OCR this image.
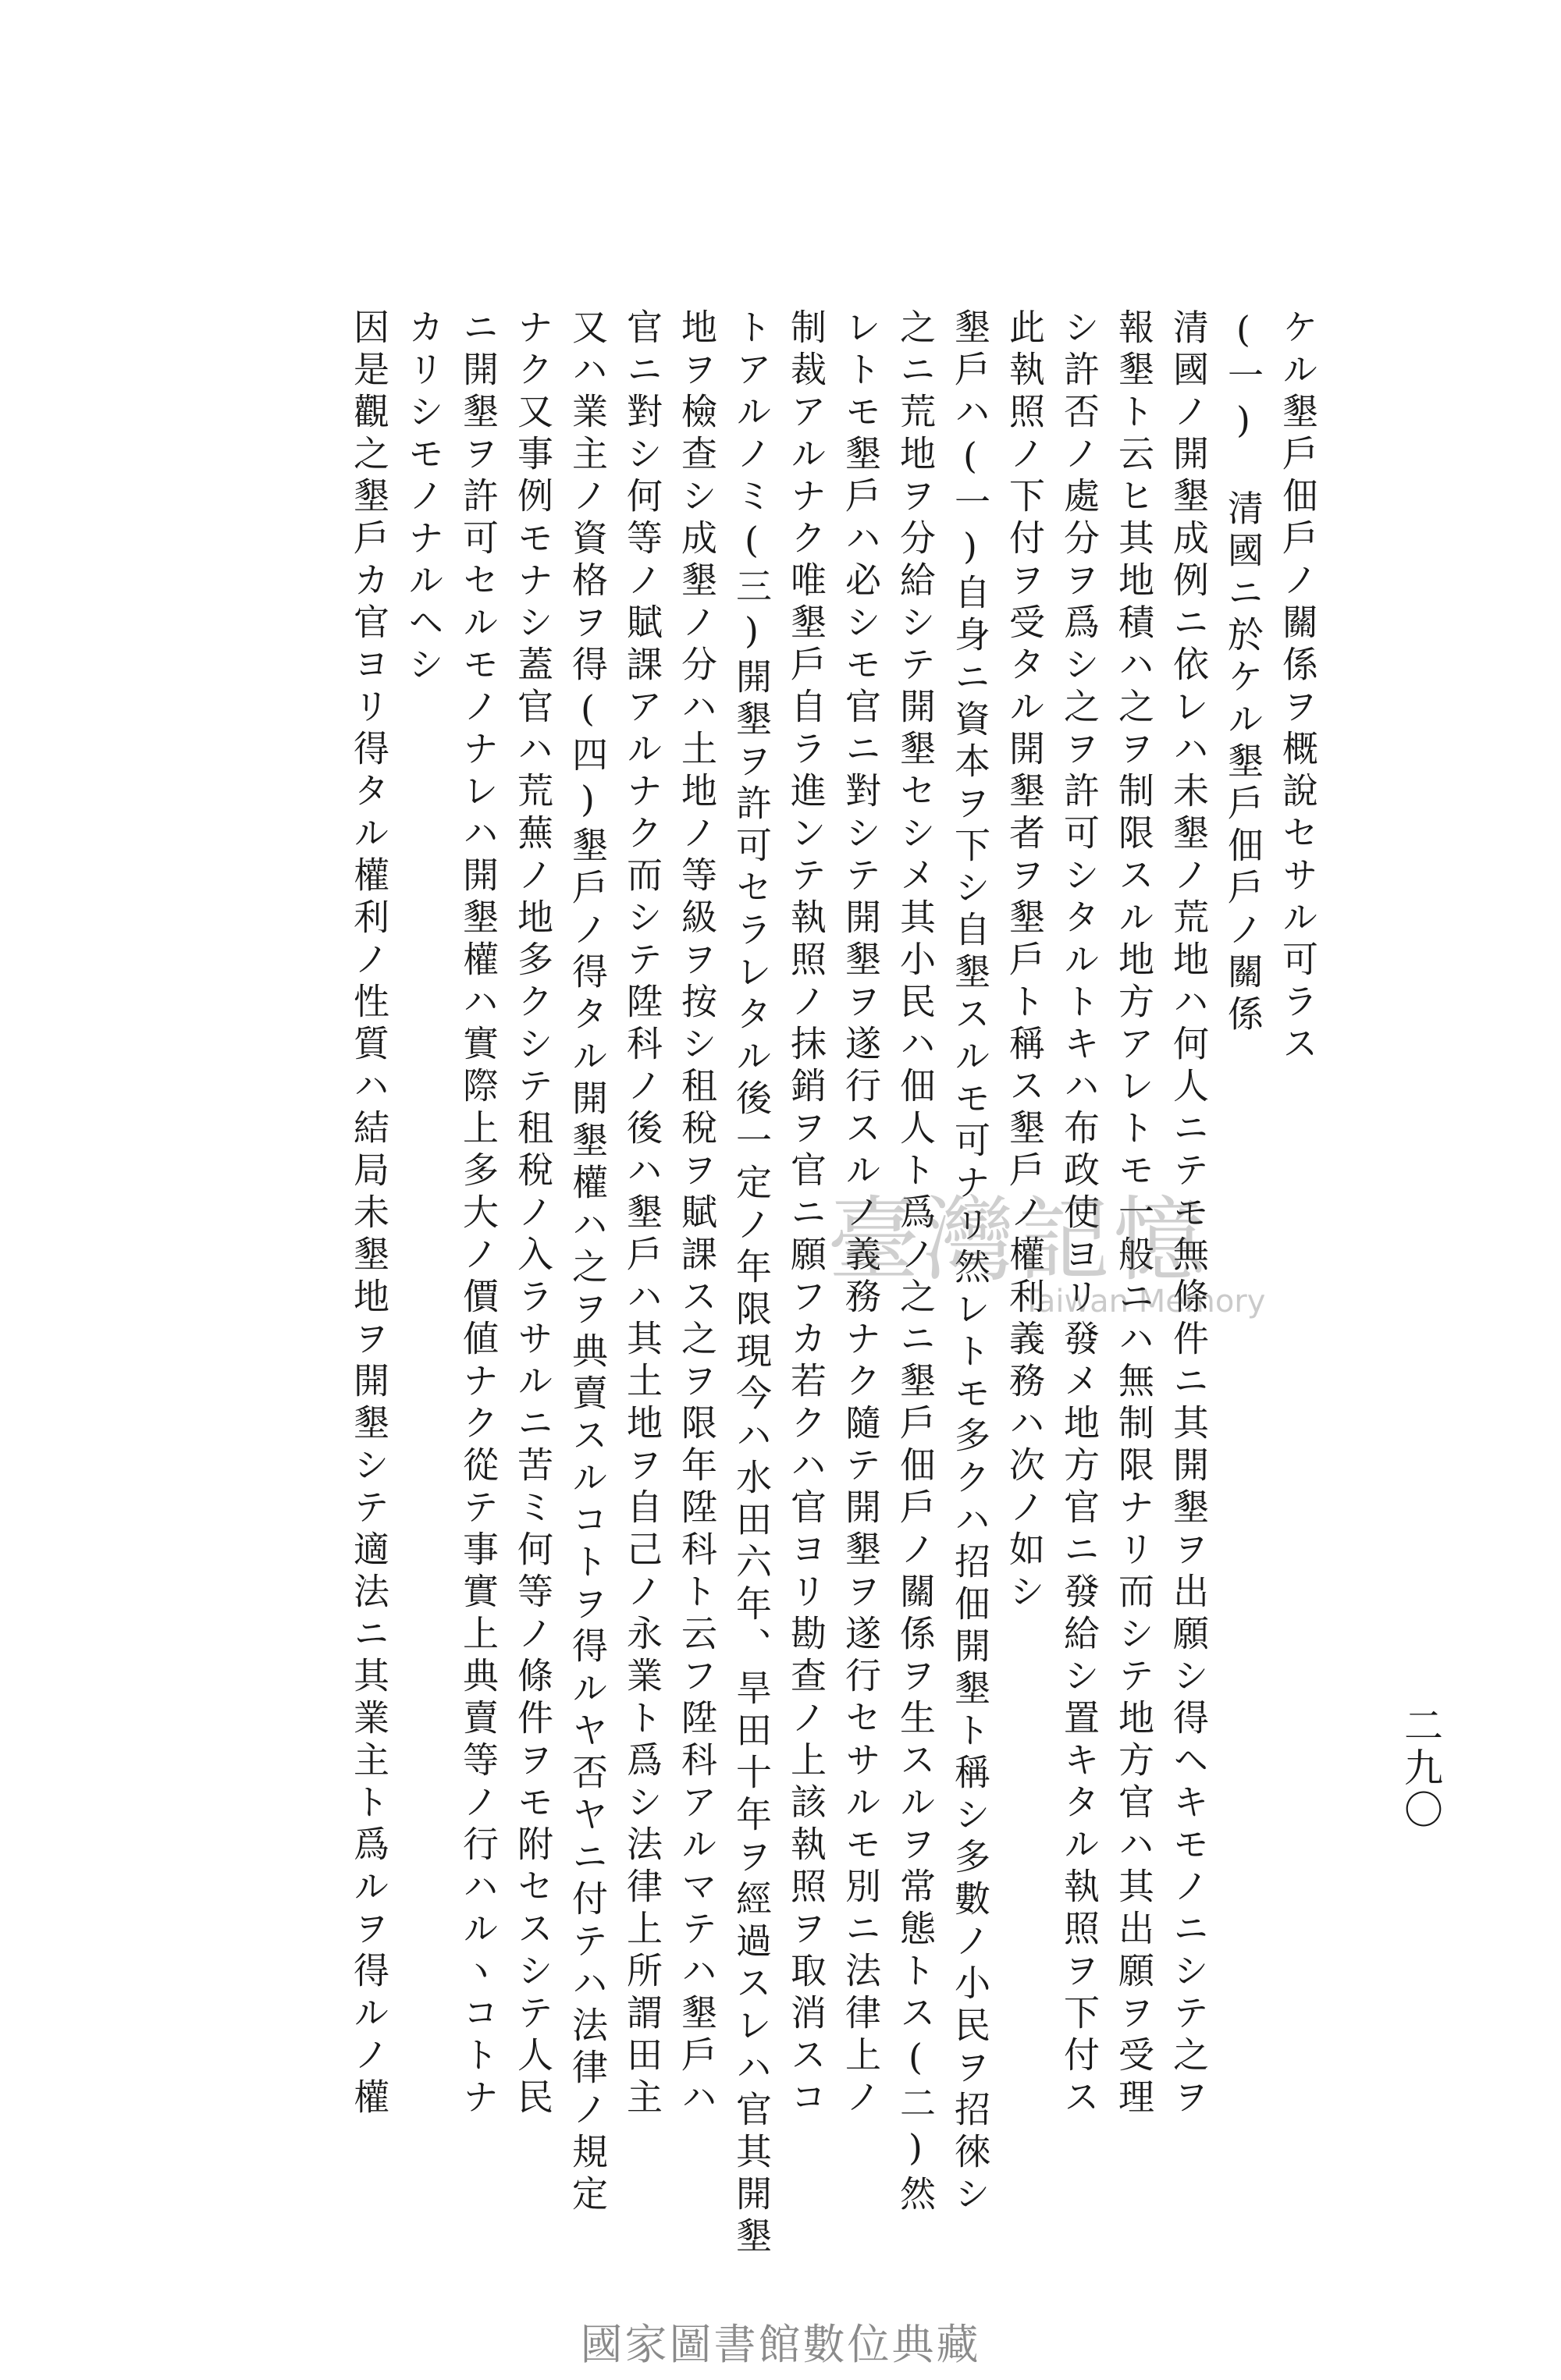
二九〇
ケル墾戶佃戶ノ關係ヲ概說セサル可ラス
(一)　清國ニ於ケル墾戶佃戶ノ關係
清國ノ開墾成例ニ依レハ未墾ノ荒地ハ何人ニテモ無條件ニ其開墾ヲ出願シ得ヘキモノニシテ之ヲ
報墾ト云ヒ其地積ハ之ヲ制限スル地方アレトモ一般ニハ無制限ナリ而シテ地方官ハ其出願ヲ受理
シ許否ノ處分ヲ爲シ之ヲ許可シタルトキハ布政使ヨリ發メ地方官ニ發給シ置キタル執照ヲ下付ス
此執照ノ下付ヲ受タル開墾者ヲ墾戶ト稱ス墾戶ノ權利義務ハ次ノ如シ
墾戶ハ(一)自身ニ資本ヲ下シ自墾スルモ可ナリ然レトモ多クハ招佃開墾ト稱シ多數ノ小民ヲ招徠シ
之ニ荒地ヲ分給シテ開墾セシメ其小民ハ佃人ト爲ノ之ニ墾戶佃戶ノ關係ヲ生スルヲ常態トス(二)然
レトモ墾戶ハ必シモ官ニ對シテ開墾ヲ遂行スルノ義務ナク隨テ開墾ヲ遂行セサルモ別ニ法律上ノ
制裁アルナク唯墾戶自ラ進ンテ執照ノ抹銷ヲ官ニ願フカ若クハ官ヨリ勘查ノ上該執照ヲ取消スコ
トアルノミ(三)開墾ヲ許可セラレタル後一定ノ年限現今ハ水田六年、旱田十年ヲ經過スレハ官其開墾
地ヲ檢查シ成墾ノ分ハ土地ノ等級ヲ按シ租稅ヲ賦課ス之ヲ限年陞科ト云フ陞科アルマテハ墾戶ハ
官ニ對シ何等ノ賦課アルナク而シテ陞科ノ後ハ墾戶ハ其土地ヲ自己ノ永業ト爲シ法律上所謂田主
又ハ業主ノ資格ヲ得(四)墾戶ノ得タル開墾權ハ之ヲ典賣スルコトヲ得ルヤ否ヤニ付テハ法律ノ規定
ナク又事例モナシ蓋官ハ荒蕪ノ地多クシテ租稅ノ入ラサルニ苦ミ何等ノ條件ヲモ附セスシテ人民
ニ開墾ヲ許可セルモノナレハ開墾權ハ實際上多大ノ價値ナク從テ事實上典賣等ノ行ハルヽコトナ
カリシモノナルヘシ
因是觀之墾戶カ官ヨリ得タル權利ノ性質ハ結局未墾地ヲ開墾シテ適法ニ其業主ト爲ルヲ得ルノ權	臺灣記憶
Taiwan Memory
國家圖書館數位典藏
